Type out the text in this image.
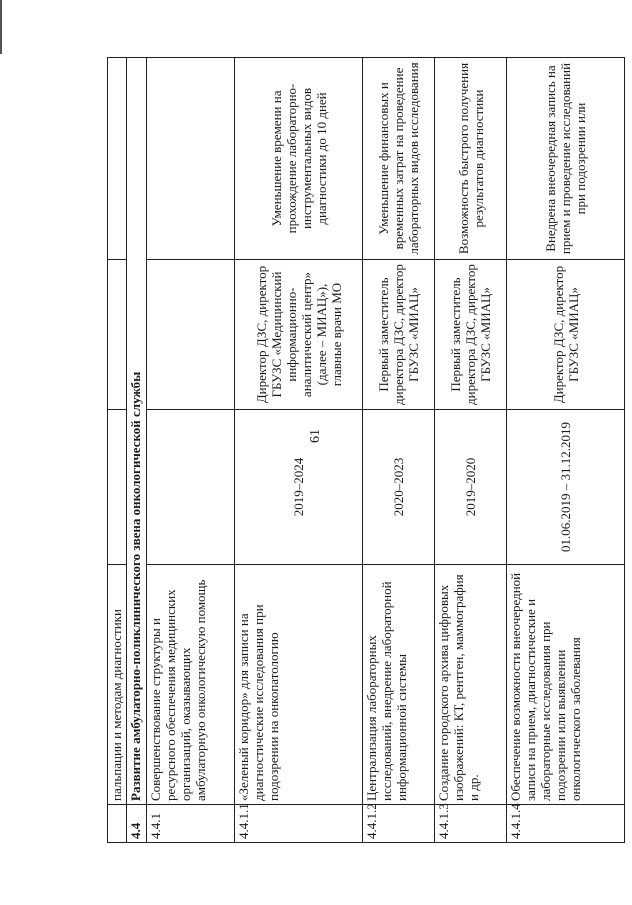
61
	пальпации и методам диагностики			
4.4	Развитие амбулаторно-поликлинического звена онкологической службы			
4.4.1	Совершенствование структуры и ресурсного обеспечения медицинских организаций, оказывающих амбулаторную онкологическую помощь			
4.4.1.1	«Зеленый коридор» для записи на диагностические исследования при подозрении на онкопатологию	2019–2024	Директор ДЗС, директор ГБУЗС «Медицинский информационно-аналитический центр» (далее – МИАЦ»), главные врачи МО	Уменьшение времени на прохождение лабораторно-инструментальных видов диагностики до 10 дней
4.4.1.2	Централизация лабораторных исследований, внедрение лабораторной информационной системы	2020–2023	Первый заместитель директора ДЗС, директор ГБУЗС «МИАЦ»	Уменьшение финансовых и временных затрат на проведение лабораторных видов исследования
4.4.1.3	Создание городского архива цифровых изображений: КТ, рентген, маммография и др.	2019–2020	Первый заместитель директора ДЗС, директор ГБУЗС «МИАЦ»	Возможность быстрого получения результатов диагностики
4.4.1.4	Обеспечение возможности внеочередной записи на прием, диагностические и лабораторные исследования при подозрении или выявлении онкологического заболевания	01.06.2019 – 31.12.2019	Директор ДЗС, директор ГБУЗС «МИАЦ»	Внедрена внеочередная запись на прием и проведение исследований при подозрении или
